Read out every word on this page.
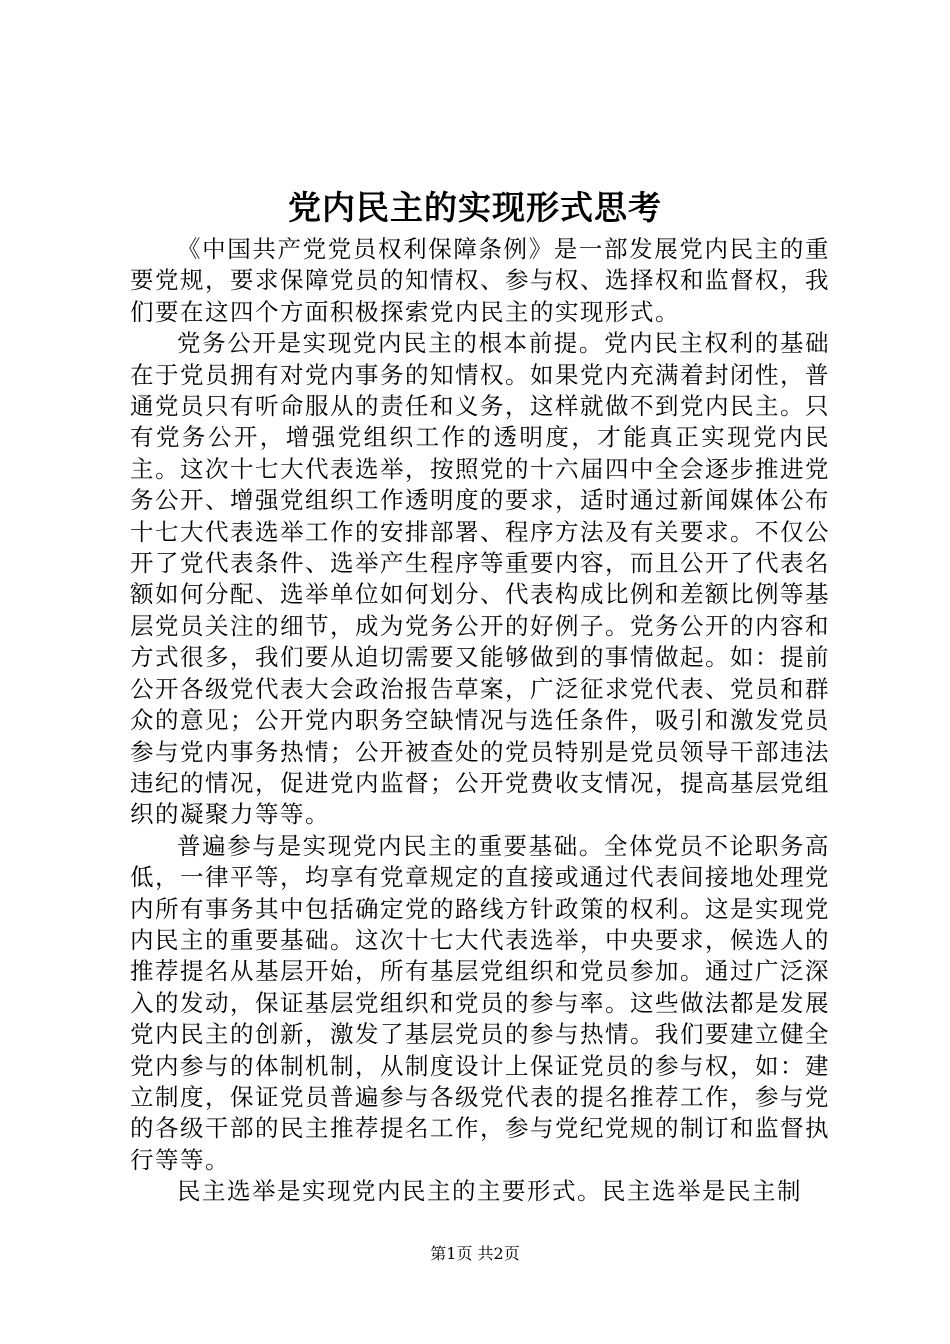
党内民主的实现形式思考

《中国共产党党员权利保障条例》是一部发展党内民主的重要党规，要求保障党员的知情权、参与权、选择权和监督权，我们要在这四个方面积极探索党内民主的实现形式。

党务公开是实现党内民主的根本前提。党内民主权利的基础在于党员拥有对党内事务的知情权。如果党内充满着封闭性，普通党员只有听命服从的责任和义务，这样就做不到党内民主。只有党务公开，增强党组织工作的透明度，才能真正实现党内民主。这次十七大代表选举，按照党的十六届四中全会逐步推进党务公开、增强党组织工作透明度的要求，适时通过新闻媒体公布十七大代表选举工作的安排部署、程序方法及有关要求。不仅公开了党代表条件、选举产生程序等重要内容，而且公开了代表名额如何分配、选举单位如何划分、代表构成比例和差额比例等基层党员关注的细节，成为党务公开的好例子。党务公开的内容和方式很多，我们要从迫切需要又能够做到的事情做起。如：提前公开各级党代表大会政治报告草案，广泛征求党代表、党员和群众的意见；公开党内职务空缺情况与选任条件，吸引和激发党员参与党内事务热情；公开被查处的党员特别是党员领导干部违法违纪的情况，促进党内监督；公开党费收支情况，提高基层党组织的凝聚力等等。

普遍参与是实现党内民主的重要基础。全体党员不论职务高低，一律平等，均享有党章规定的直接或通过代表间接地处理党内所有事务其中包括确定党的路线方针政策的权利。这是实现党内民主的重要基础。这次十七大代表选举，中央要求，候选人的推荐提名从基层开始，所有基层党组织和党员参加。通过广泛深入的发动，保证基层党组织和党员的参与率。这些做法都是发展党内民主的创新，激发了基层党员的参与热情。我们要建立健全党内参与的体制机制，从制度设计上保证党员的参与权，如：建立制度，保证党员普遍参与各级党代表的提名推荐工作，参与党的各级干部的民主推荐提名工作，参与党纪党规的制订和监督执行等等。

民主选举是实现党内民主的主要形式。民主选举是民主制

第1页 共2页
